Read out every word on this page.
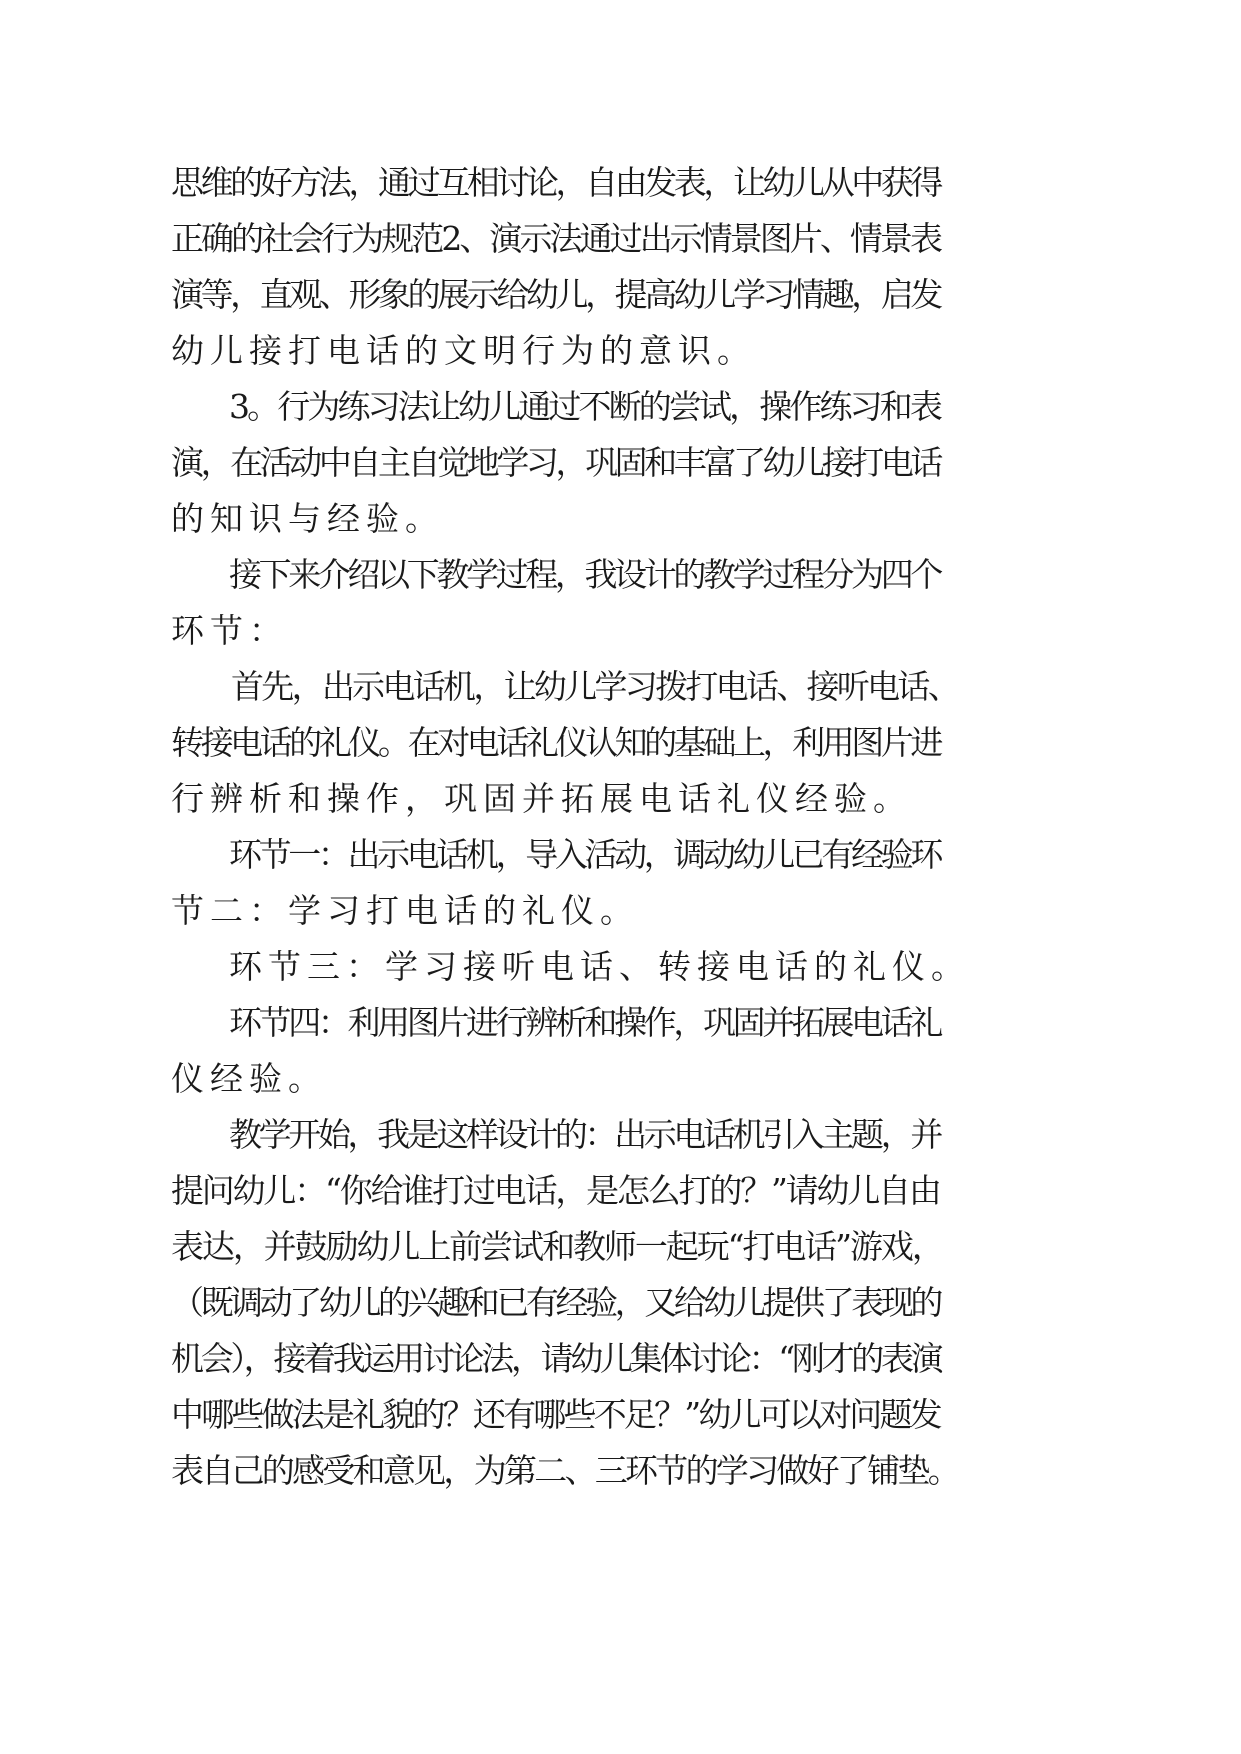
思维的好方法，通过互相讨论，自由发表，让幼儿从中获得
正确的社会行为规范2、演示法通过出示情景图片、情景表
演等，直观、形象的展示给幼儿，提高幼儿学习情趣，启发
幼儿接打电话的文明行为的意识。
3。行为练习法让幼儿通过不断的尝试，操作练习和表
演，在活动中自主自觉地学习，巩固和丰富了幼儿接打电话
的知识与经验。
接下来介绍以下教学过程，我设计的教学过程分为四个
环节：
首先，出示电话机，让幼儿学习拨打电话、接听电话、
转接电话的礼仪。在对电话礼仪认知的基础上，利用图片进
行辨析和操作，巩固并拓展电话礼仪经验。
环节一：出示电话机，导入活动，调动幼儿已有经验环
节二：学习打电话的礼仪。
环节三：学习接听电话、转接电话的礼仪。
环节四：利用图片进行辨析和操作，巩固并拓展电话礼
仪经验。
教学开始，我是这样设计的：出示电话机引入主题，并
提问幼儿：“你给谁打过电话，是怎么打的？”请幼儿自由
表达，并鼓励幼儿上前尝试和教师一起玩“打电话”游戏，
（既调动了幼儿的兴趣和已有经验，又给幼儿提供了表现的
机会），接着我运用讨论法，请幼儿集体讨论：“刚才的表演
中哪些做法是礼貌的？还有哪些不足？”幼儿可以对问题发
表自己的感受和意见，为第二、三环节的学习做好了铺垫。
